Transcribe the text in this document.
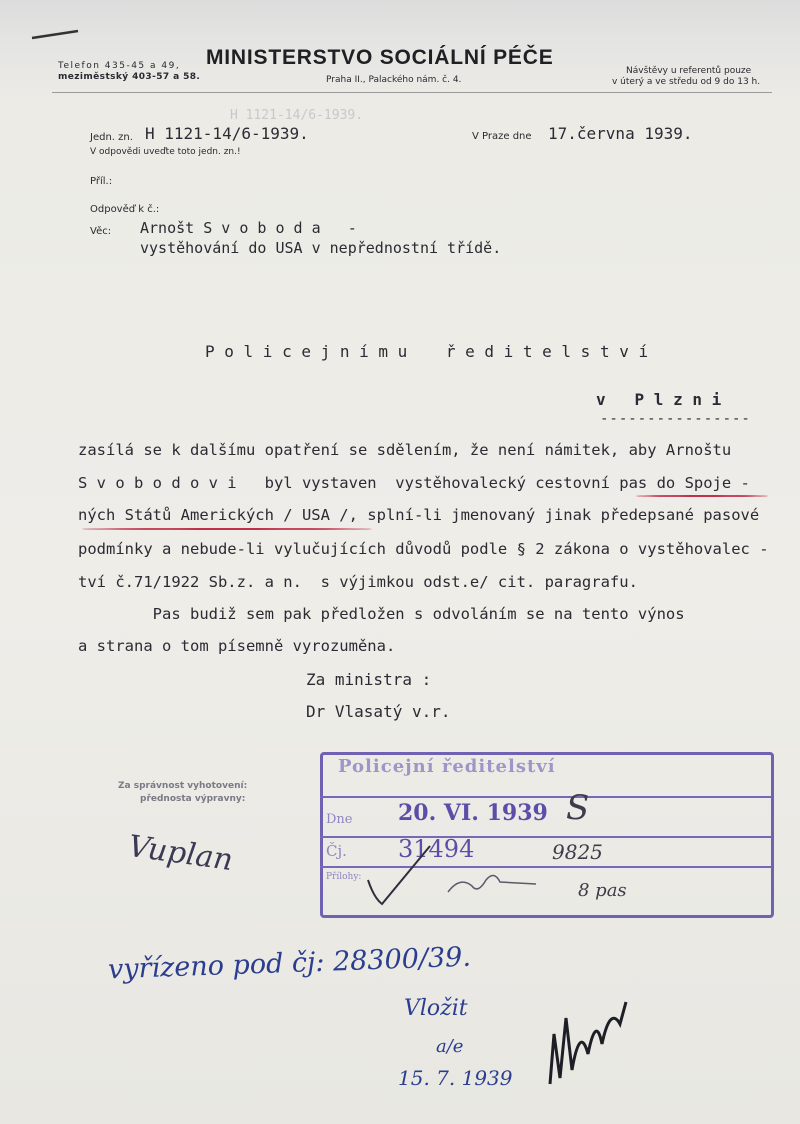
Telefon 435-45 a 49,
meziměstský 403-57 a 58.
MINISTERSTVO SOCIÁLNÍ PÉČE
Praha II., Palackého nám. č. 4.
Návštěvy u referentů pouze
v úterý a ve středu od 9 do 13 h.
H 1121-14/6-1939.
Jedn. zn. H 1121-14/6-1939.
V odpovědi uveďte toto jedn. zn.!
V Praze dne 17.června 1939.
Příl.:
Odpověď k č.:
Věc: Arnošt S v o b o d a   -
vystěhování do USA v nepřednostní třídě.
P o l i c e j n í m u    ř e d i t e l s t v í
v   P l z n i
----------------
zasílá se k dalšímu opatření se sdělením, že není námitek, aby Arnoštu
S v o b o d o v i   byl vystaven  vystěhovalecký cestovní pas do Spoje -
ných Států Amerických / USA /, splní-li jmenovaný jinak předepsané pasové
podmínky a nebude-li vylučujících důvodů podle § 2 zákona o vystěhovalec -
tví č.71/1922 Sb.z. a n.  s výjimkou odst.e/ cit. paragrafu.
Pas budiž sem pak předložen s odvoláním se na tento výnos
a strana o tom písemně vyrozuměna.
Za ministra :
Dr Vlasatý v.r.
Za správnost vyhotovení:
přednosta výpravny:
Vuplan
Policejní ředitelství
Dne 20. VI. 1939
Čj. 31494
Přílohy:
S
9825
8 pas
vyřízeno pod čj: 28300/39.
Vložit
a/e
15. 7. 1939
